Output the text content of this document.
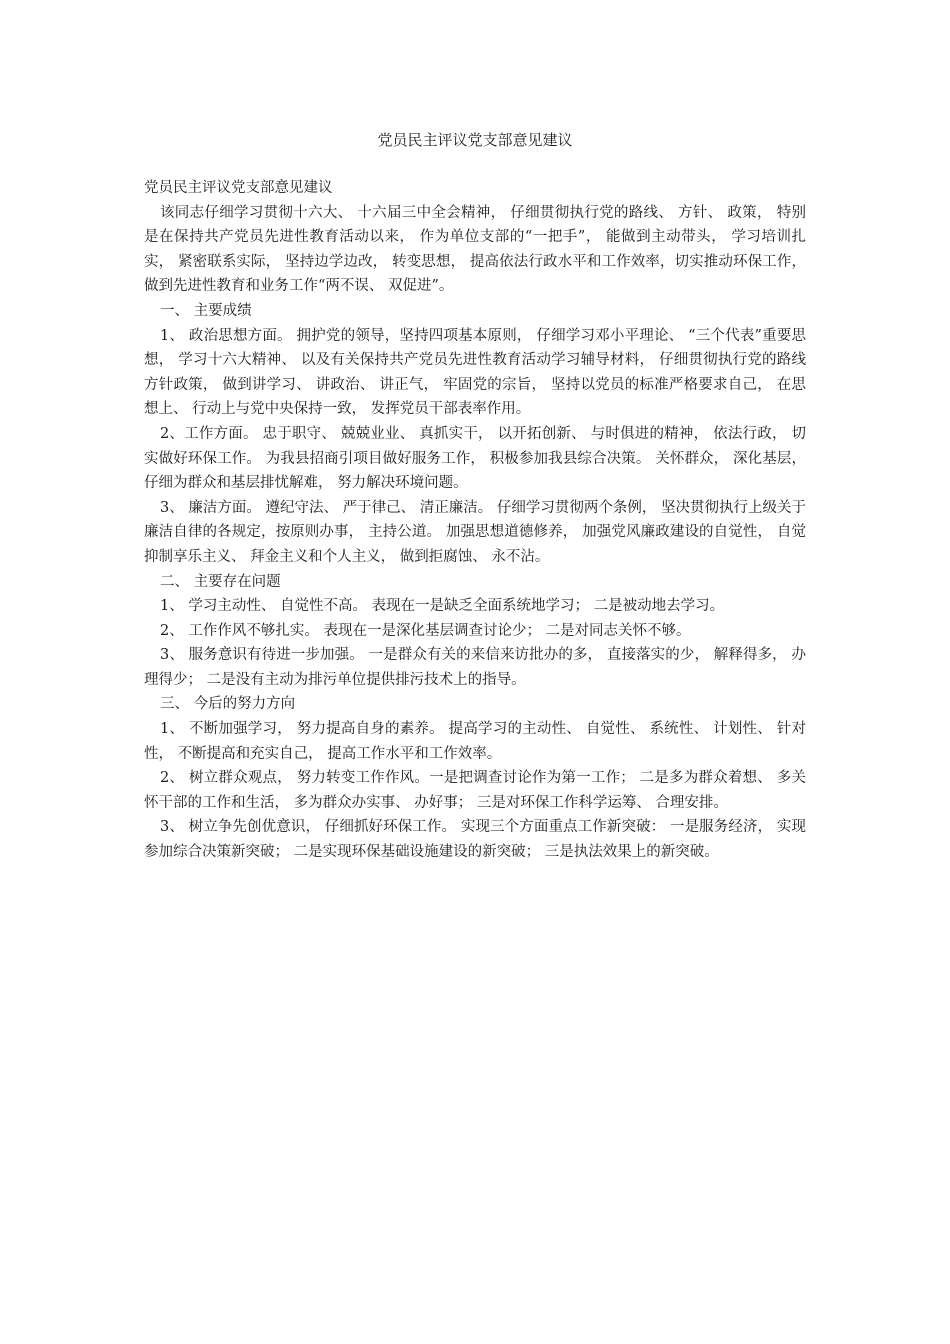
党员民主评议党支部意见建议

党员民主评议党支部意见建议

该同志仔细学习贯彻十六大、 十六届三中全会精神， 仔细贯彻执行党的路线、 方针、 政策， 特别是在保持共产党员先进性教育活动以来， 作为单位支部的“一把手”， 能做到主动带头， 学习培训扎实， 紧密联系实际， 坚持边学边改， 转变思想， 提高依法行政水平和工作效率，切实推动环保工作， 做到先进性教育和业务工作“两不误、 双促进”。

一、 主要成绩

1、 政治思想方面。 拥护党的领导，坚持四项基本原则， 仔细学习邓小平理论、 “三个代表”重要思想， 学习十六大精神、 以及有关保持共产党员先进性教育活动学习辅导材料， 仔细贯彻执行党的路线方针政策， 做到讲学习、 讲政治、 讲正气， 牢固党的宗旨， 坚持以党员的标准严格要求自己， 在思想上、 行动上与党中央保持一致， 发挥党员干部表率作用。

2、工作方面。 忠于职守、 兢兢业业、 真抓实干， 以开拓创新、 与时俱进的精神， 依法行政， 切实做好环保工作。 为我县招商引项目做好服务工作， 积极参加我县综合决策。 关怀群众， 深化基层， 仔细为群众和基层排忧解难， 努力解决环境问题。

3、 廉洁方面。 遵纪守法、 严于律己、 清正廉洁。 仔细学习贯彻两个条例， 坚决贯彻执行上级关于廉洁自律的各规定，按原则办事， 主持公道。 加强思想道德修养， 加强党风廉政建设的自觉性， 自觉抑制享乐主义、 拜金主义和个人主义， 做到拒腐蚀、 永不沾。

二、 主要存在问题

1、 学习主动性、 自觉性不高。 表现在一是缺乏全面系统地学习； 二是被动地去学习。

2、 工作作风不够扎实。 表现在一是深化基层调查讨论少； 二是对同志关怀不够。

3、 服务意识有待进一步加强。 一是群众有关的来信来访批办的多， 直接落实的少， 解释得多， 办理得少； 二是没有主动为排污单位提供排污技术上的指导。

三、 今后的努力方向

1、 不断加强学习， 努力提高自身的素养。 提高学习的主动性、 自觉性、 系统性、 计划性、 针对性， 不断提高和充实自己， 提高工作水平和工作效率。

2、 树立群众观点， 努力转变工作作风。一是把调查讨论作为第一工作； 二是多为群众着想、 多关怀干部的工作和生活， 多为群众办实事、 办好事； 三是对环保工作科学运筹、 合理安排。

3、 树立争先创优意识， 仔细抓好环保工作。 实现三个方面重点工作新突破： 一是服务经济， 实现参加综合决策新突破； 二是实现环保基础设施建设的新突破； 三是执法效果上的新突破。
